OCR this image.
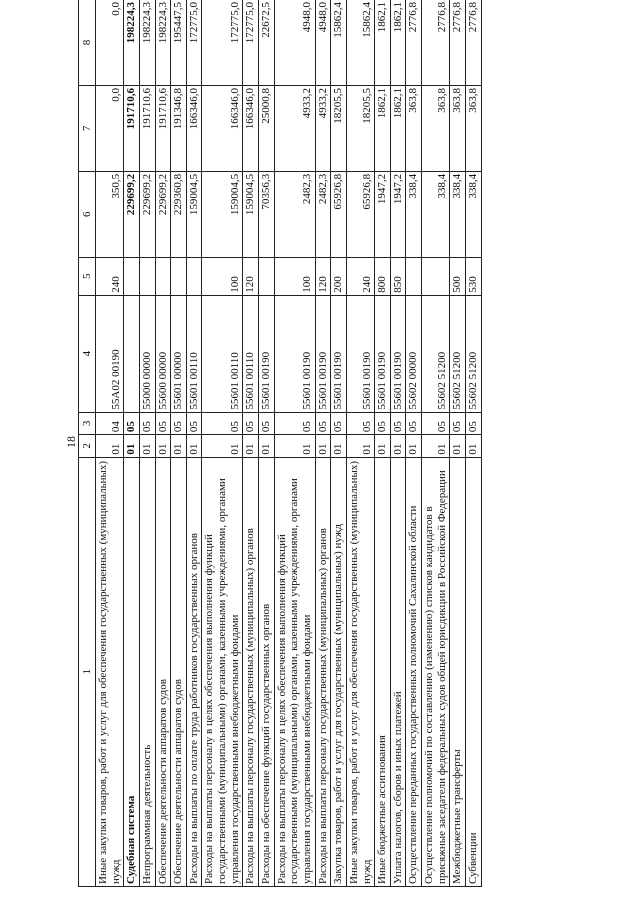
18
1	2	3	4	5	6	7	8
Иные закупки товаров, работ и услуг для обеспечения государственных (муниципальных) нужд	01	04	55А02 00190	240	350,5	0,0	0,0
Судебная система	01	05			229699,2	191710,6	198224,3
Непрограммная деятельность	01	05	55000 00000		229699,2	191710,6	198224,3
Обеспечение деятельности аппаратов судов	01	05	55600 00000		229699,2	191710,6	198224,3
Обеспечение деятельности аппаратов судов	01	05	55601 00000		229360,8	191346,8	195447,5
Расходы на выплаты по оплате труда работников государственных органов	01	05	55601 00110		159004,5	166346,0	172775,0
Расходы на выплаты персоналу в целях обеспечения выполнения функций государственными (муниципальными) органами, казенными учреждениями, органами управления государственными внебюджетными фондами	01	05	55601 00110	100	159004,5	166346,0	172775,0
Расходы на выплаты персоналу государственных (муниципальных) органов	01	05	55601 00110	120	159004,5	166346,0	172775,0
Расходы на обеспечение функций государственных органов	01	05	55601 00190		70356,3	25000,8	22672,5
Расходы на выплаты персоналу в целях обеспечения выполнения функций государственными (муниципальными) органами, казенными учреждениями, органами управления государственными внебюджетными фондами	01	05	55601 00190	100	2482,3	4933,2	4948,0
Расходы на выплаты персоналу государственных (муниципальных) органов	01	05	55601 00190	120	2482,3	4933,2	4948,0
Закупка товаров, работ и услуг для государственных (муниципальных) нужд	01	05	55601 00190	200	65926,8	18205,5	15862,4
Иные закупки товаров, работ и услуг для обеспечения государственных (муниципальных) нужд	01	05	55601 00190	240	65926,8	18205,5	15862,4
Иные бюджетные ассигнования	01	05	55601 00190	800	1947,2	1862,1	1862,1
Уплата налогов, сборов и иных платежей	01	05	55601 00190	850	1947,2	1862,1	1862,1
Осуществление переданных государственных полномочий Сахалинской области	01	05	55602 00000		338,4	363,8	2776,8
Осуществление полномочий по составлению (изменению) списков кандидатов в присяжные заседатели федеральных судов общей юрисдикции в Российской Федерации	01	05	55602 51200		338,4	363,8	2776,8
Межбюджетные трансферты	01	05	55602 51200	500	338,4	363,8	2776,8
Субвенции	01	05	55602 51200	530	338,4	363,8	2776,8
